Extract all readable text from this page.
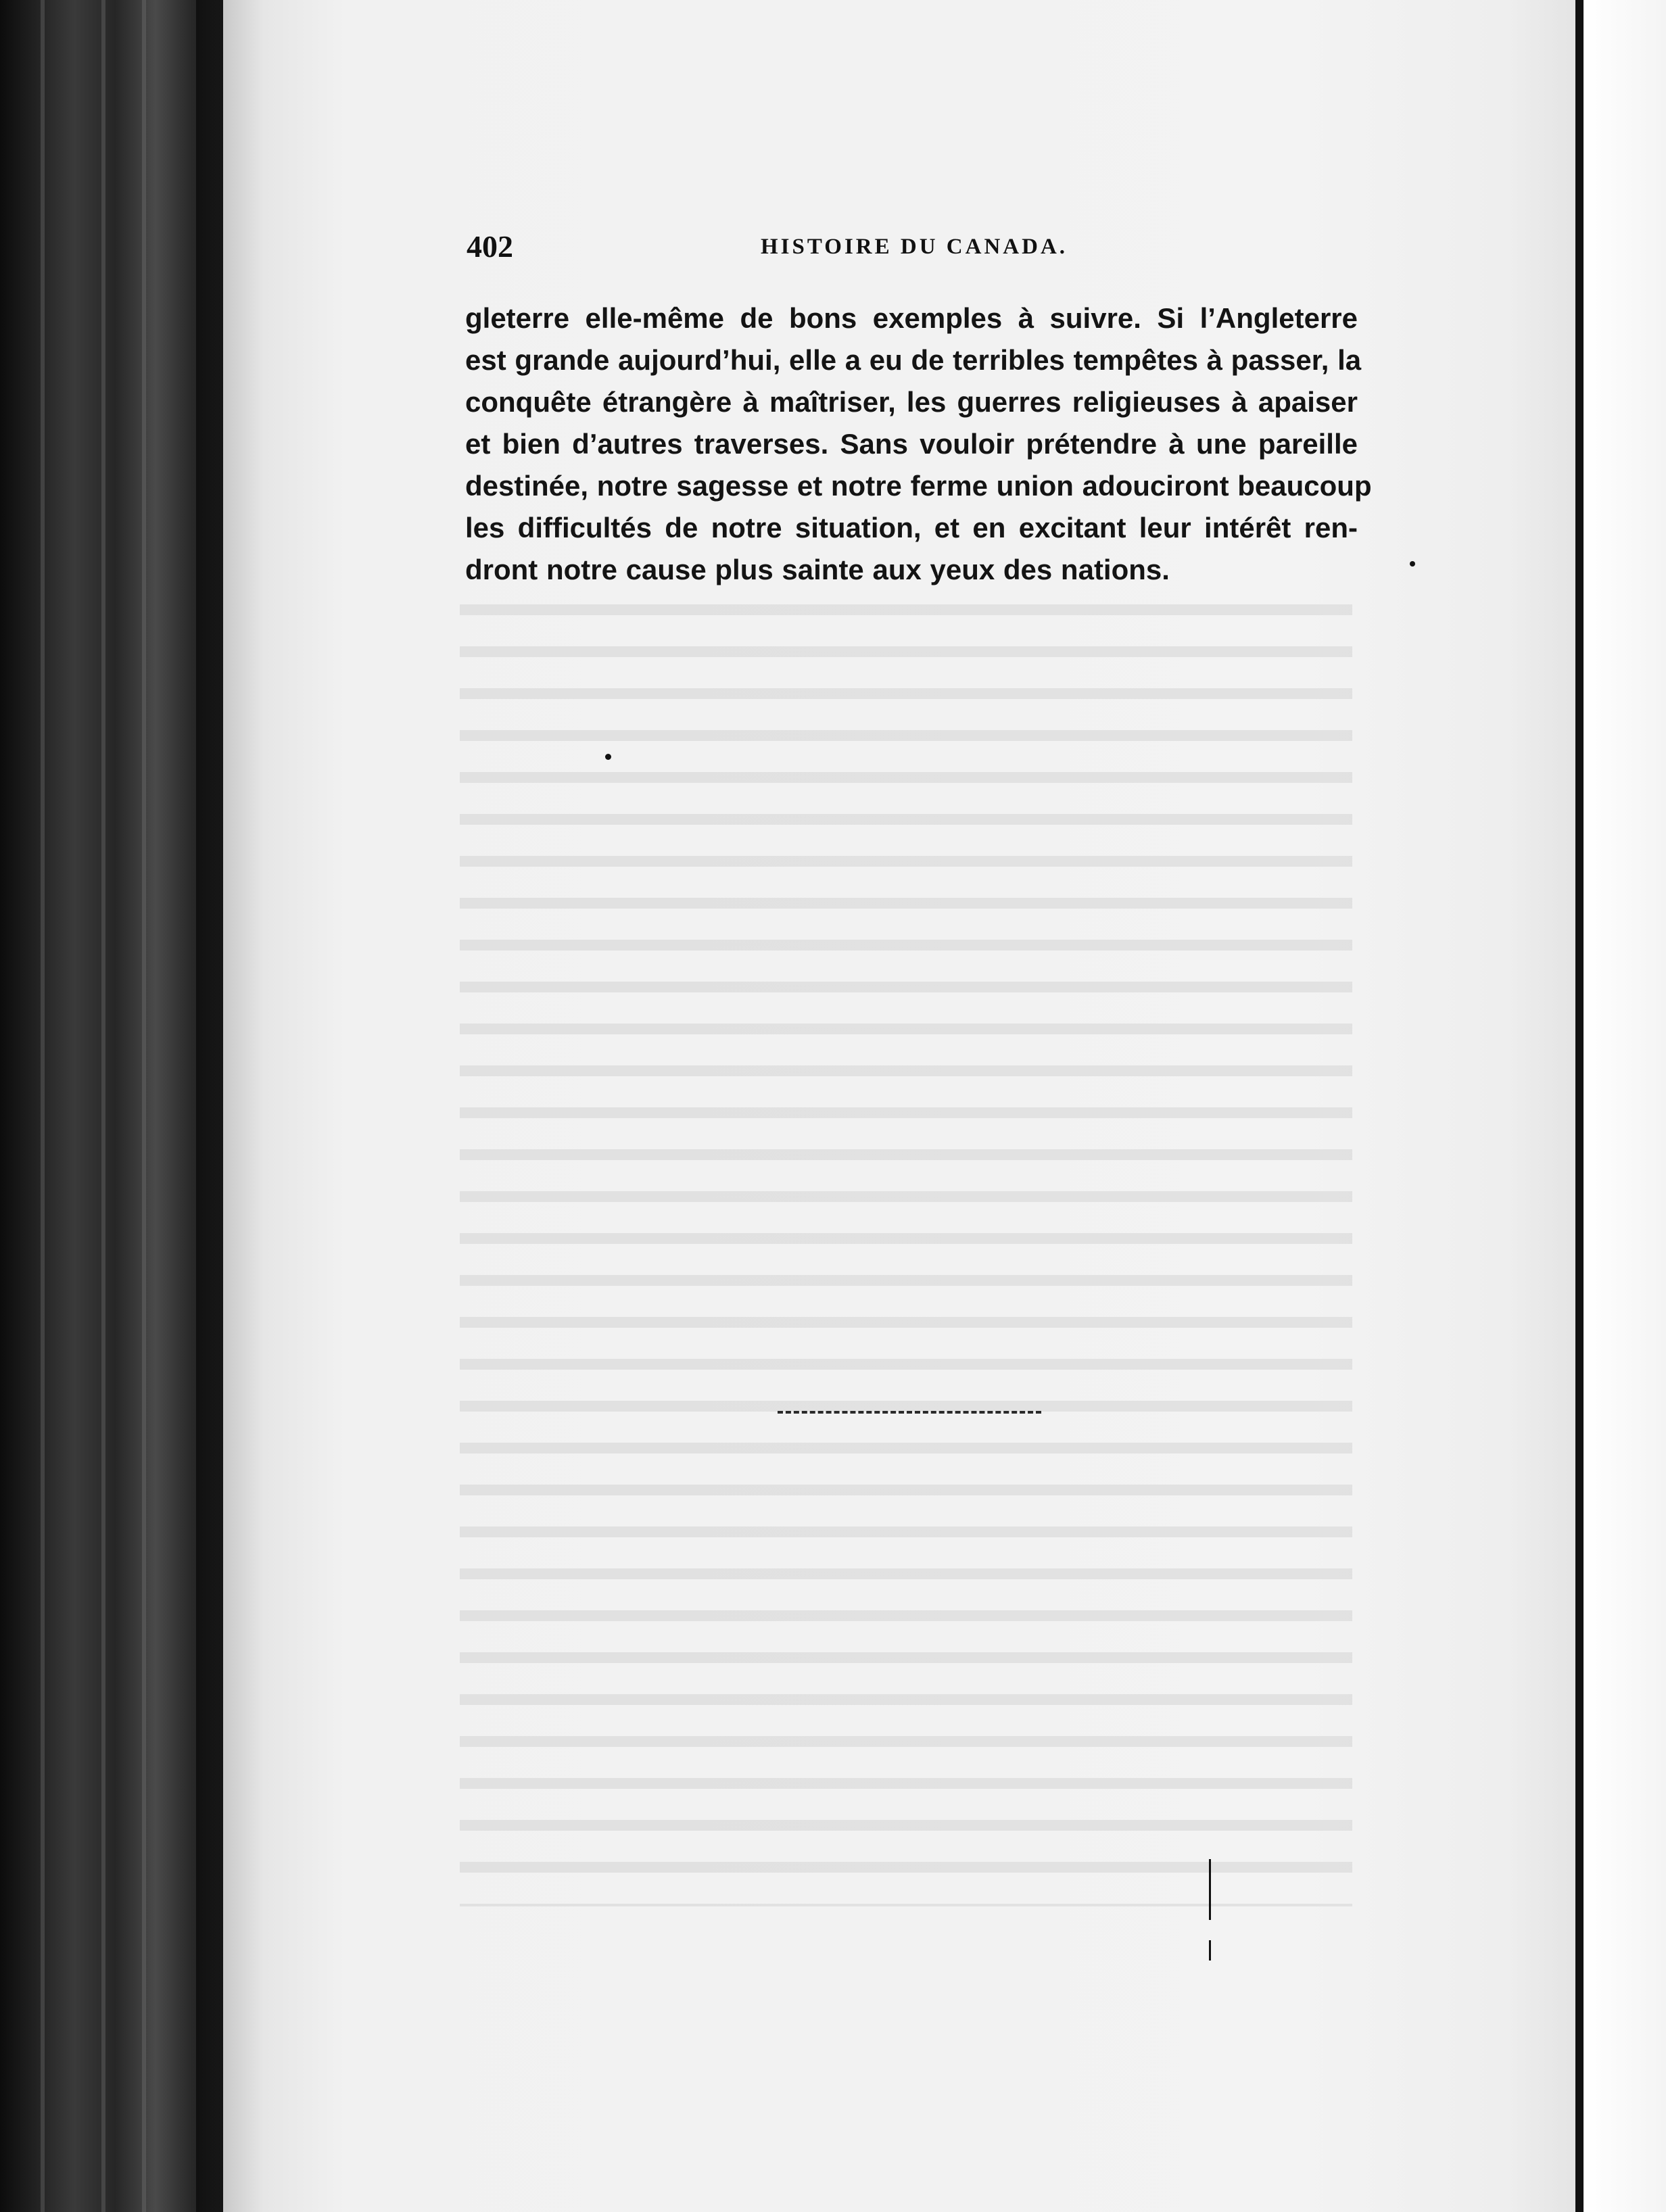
402	HISTOIRE DU CANADA.
gleterre elle-même de bons exemples à suivre. Si l’Angleterre
est grande aujourd’hui, elle a eu de terribles tempêtes à passer, la
conquête étrangère à maîtriser, les guerres religieuses à apaiser
et bien d’autres traverses. Sans vouloir prétendre à une pareille
destinée, notre sagesse et notre ferme union adouciront beaucoup
les difficultés de notre situation, et en excitant leur intérêt ren-
dront notre cause plus sainte aux yeux des nations.
